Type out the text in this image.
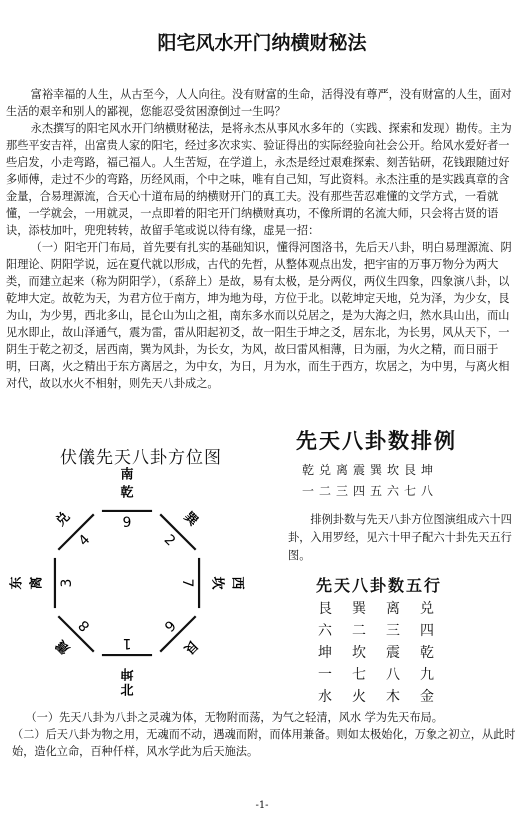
阳宅风水开门纳横财秘法

富裕幸福的人生，从古至今，人人向往。没有财富的生命，活得没有尊严，没有财富的人生，面对生活的艰辛和别人的鄙视，您能忍受贫困潦倒过一生吗？

永杰撰写的阳宅风水开门纳横财秘法，是将永杰从事风水多年的（实践、探索和发现）勘传。主为那些平安吉祥，出富贵人家的阳宅，经过多次求实、验证得出的实际经验向社会公开。给风水爱好者一些启发，小走弯路，福己福人。人生苦短，在学道上，永杰是经过艰难探索、刻苦钻研，花钱跟随过好多师傅，走过不少的弯路，历经风雨，个中之味，唯有自己知，写此资料。永杰注重的是实践真章的含金量，合易理源流，合天心十道布局的纳横财开门的真工夫。没有那些苦忍难懂的文学方式，一看就懂，一学就会，一用就灵，一点即着的阳宅开门纳横财真功，不像所谓的名流大师，只会将古贤的语诀，添枝加叶，兜兜转转，故留手笔或说以待有缘，虚晃一招：

（一）阳宅开门布局，首先要有扎实的基础知识，懂得河图洛书，先后天八卦，明白易理源流、阴阳理论、阴阳学说，远在夏代就以形成，古代的先哲，从整体观点出发，把宇宙的万事万物分为两大类，而建立起来（称为阴阳学），（系辞上）是故，易有太极，是分两仪，两仪生四象，四象演八卦，以乾坤大定。故乾为天，为君方位于南方，坤为地为母，方位于北。以乾坤定天地，兑为泽，为少女，艮为山，为少男，西北多山，昆仑山为山之祖，南东多水而以兑居之，是为大海之归，然水具山出，而山见水即止，故山泽通气，震为雷，雷从阳起初爻，故一阳生于坤之爻，居东北，为长男，风从天下，一阴生于乾之初爻，居西南，巽为风卦，为长女，为风，故曰雷风相薄，日为丽，为火之精，而日丽于明，曰离，火之精出于东方离居之，为中女，为日，月为水，而生于西方，坎居之，为中男，与离火相对代，故以水火不相射，则先天八卦成之。

伏儀先天八卦方位图
9
乾
2
巽
7 坎
6
艮
1
坤
8
震
3
离
4
兑
南
北
东	西
先天八卦数排例
乾兑离震巽坎艮坤
一二三四五六七八
排例卦数与先天八卦方位图演组成六十四卦，入用罗经，见六十甲子配六十卦先天五行图。
先天八卦数五行
艮	巽	离	兑
六	二	三	四
坤	坎	震	乾
一	七	八	九
水	火	木	金

（一）先天八卦为八卦之灵魂为体，无物附而荡，为气之轻清，风水 学为先天布局。

（二）后天八卦为物之用，无魂而不动，遇魂而附，而体用兼备。则如太极始化，万象之初立，从此时始，造化立命，百种仟样，风水学此为后天施法。

-1-
